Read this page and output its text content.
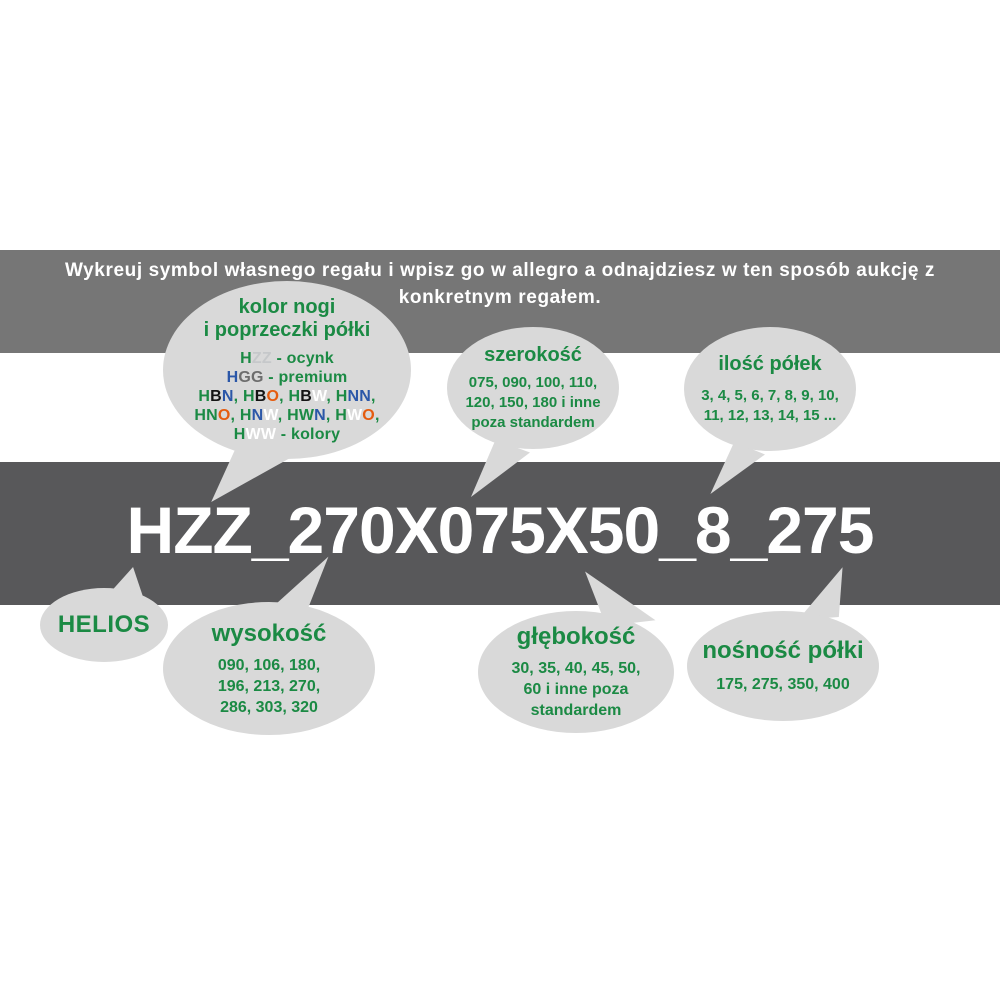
Wykreuj symbol własnego regału i wpisz go w allegro a odnajdziesz w ten sposób aukcję z
konkretnym regałem.
HZZ_270X075X50_8_275
kolor nogi
i poprzeczki półki
HZZ - ocynk
HGG - premium
HBN, HBO, HBW, HNN,
HNO, HNW, HWN, HWO,
HWW - kolory
szerokość
075, 090, 100, 110,
120, 150, 180 i inne
poza standardem
ilość półek
3, 4, 5, 6, 7, 8, 9, 10,
11, 12, 13, 14, 15 ...
HELIOS	wysokość
090, 106, 180,
196, 213, 270,
286, 303, 320
głębokość
30, 35, 40, 45, 50,
60 i inne poza
standardem
nośność półki
175, 275, 350, 400
